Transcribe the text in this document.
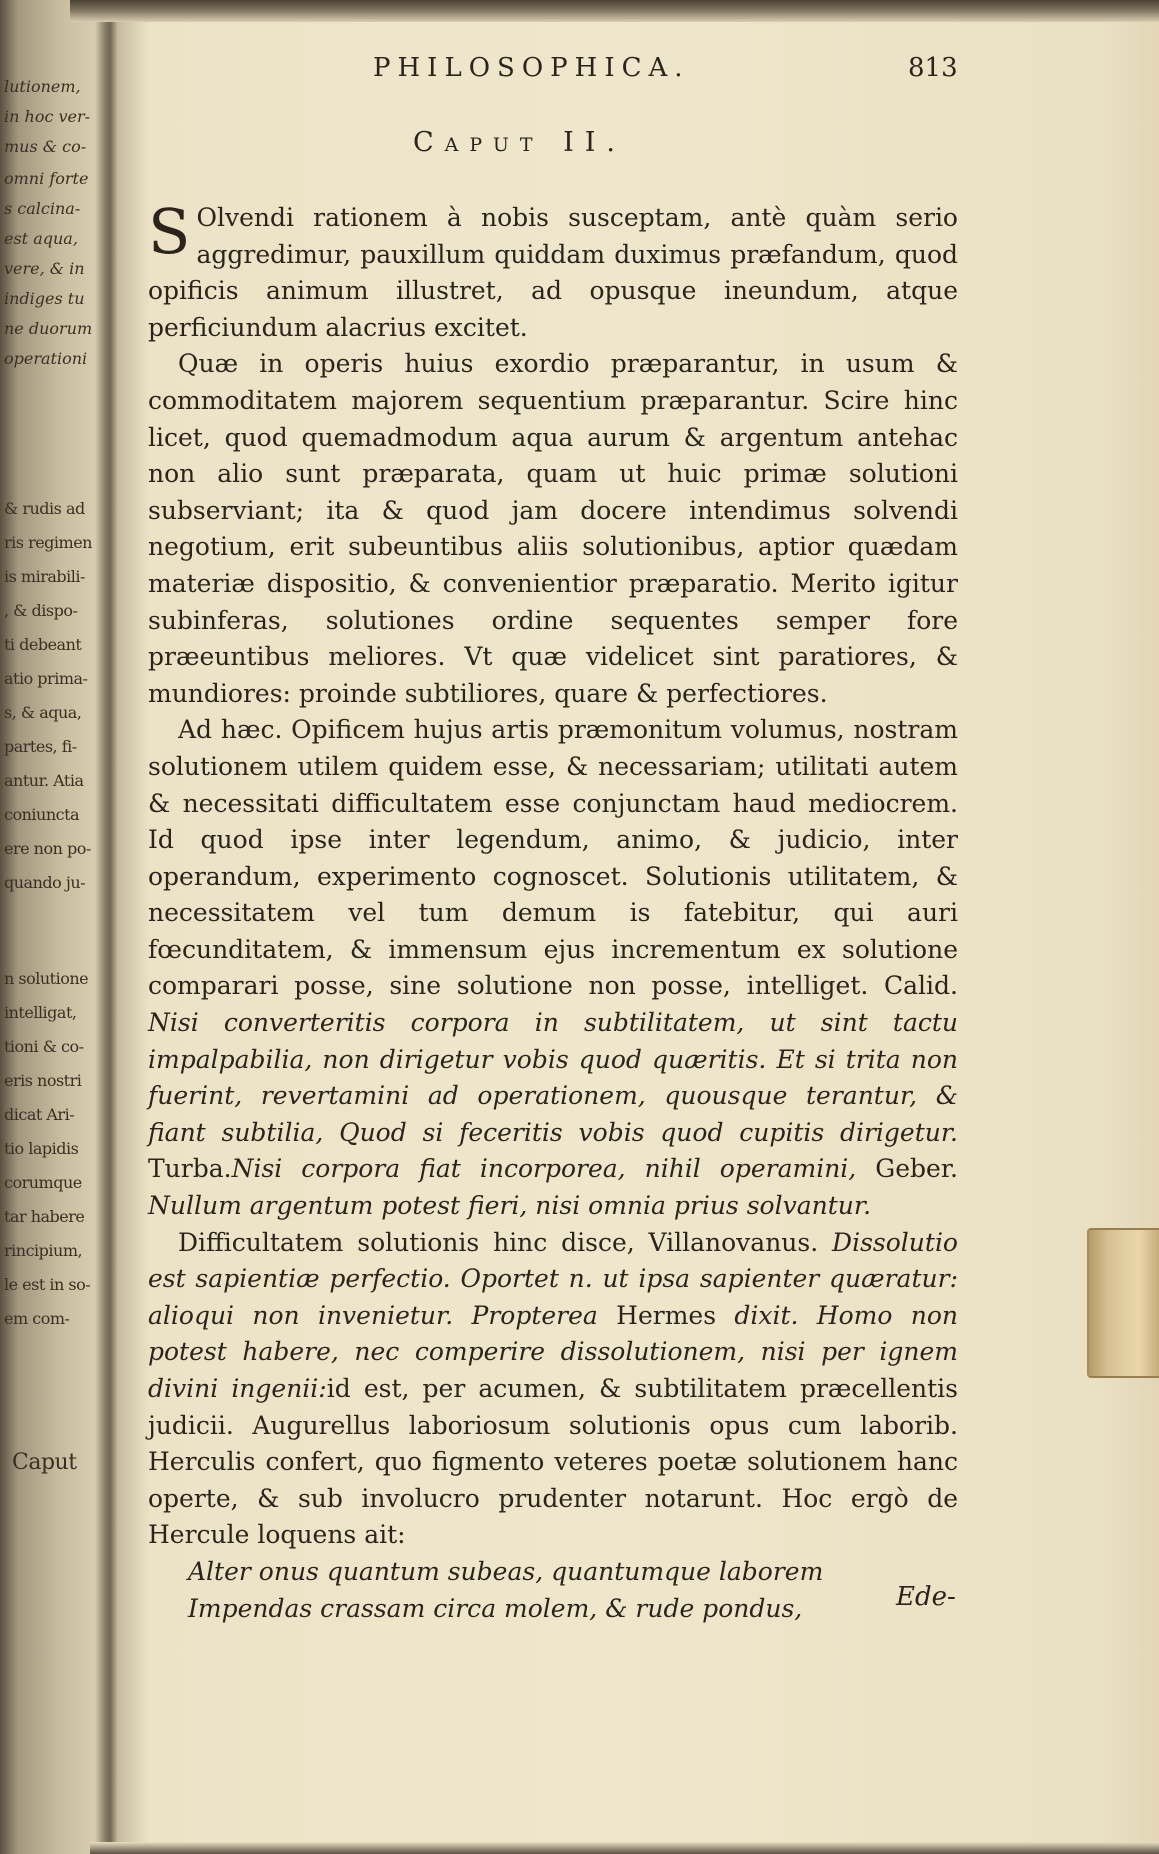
lutionem,
in hoc ver-
mus & co-
omni forte
s calcina-
est aqua,
vere, & in
indiges tu
ne duorum
operationi
& rudis ad
ris regimen
is mirabili-
, & dispo-
ti debeant
atio prima-
s, & aqua,
partes, fi-
antur. Atia
coniuncta
ere non po-
quando ju-
n solutione
intelligat,
tioni & co-
eris nostri
dicat Ari-
tio lapidis
corumque
tar habere
rincipium,
le est in so-
em com-
Caput
PHILOSOPHICA.	813
Caput II.

S Olvendi rationem à nobis susceptam, antè quàm serio aggredimur, pauxillum quiddam duximus præfandum, quod opificis animum illustret, ad opusque ineundum, atque perficiundum alacrius excitet.

Quæ in operis huius exordio præparantur, in usum & commoditatem majorem sequentium præparantur. Scire hinc licet, quod quemadmodum aqua aurum & argentum antehac non alio sunt præparata, quam ut huic primæ solutioni subserviant; ita & quod jam docere intendimus solvendi negotium, erit subeuntibus aliis solutionibus, aptior quædam materiæ dispositio, & convenientior præparatio. Merito igitur subinferas, solutiones ordine sequentes semper fore præeuntibus meliores. Vt quæ videlicet sint paratiores, & mundiores: proinde subtiliores, quare & perfectiores.

Ad hæc. Opificem hujus artis præmonitum volumus, nostram solutionem utilem quidem esse, & necessariam; utilitati autem & necessitati difficultatem esse conjunctam haud mediocrem. Id quod ipse inter legendum, animo, & judicio, inter operandum, experimento cognoscet. Solutionis utilitatem, & necessitatem vel tum demum is fatebitur, qui auri fœcunditatem, & immensum ejus incrementum ex solutione comparari posse, sine solutione non posse, intelliget. Calid. Nisi converteritis corpora in subtilitatem, ut sint tactu impalpabilia, non dirigetur vobis quod quæritis. Et si trita non fuerint, revertamini ad operationem, quousque terantur, & fiant subtilia, Quod si feceritis vobis quod cupitis dirigetur. Turba.Nisi corpora fiat incorporea, nihil operamini, Geber. Nullum argentum potest fieri, nisi omnia prius solvantur.

Difficultatem solutionis hinc disce, Villanovanus. Dissolutio est sapientiæ perfectio. Oportet n. ut ipsa sapienter quæratur: alioqui non invenietur. Propterea Hermes dixit. Homo non potest habere, nec comperire dissolutionem, nisi per ignem divini ingenii:id est, per acumen, & subtilitatem præcellentis judicii. Augurellus laboriosum solutionis opus cum laborib. Herculis confert, quo figmento veteres poetæ solutionem hanc operte, & sub involucro prudenter notarunt. Hoc ergò de Hercule loquens ait:

Alter onus quantum subeas, quantumque laborem

Impendas crassam circa molem, & rude pondus,	Ede-
